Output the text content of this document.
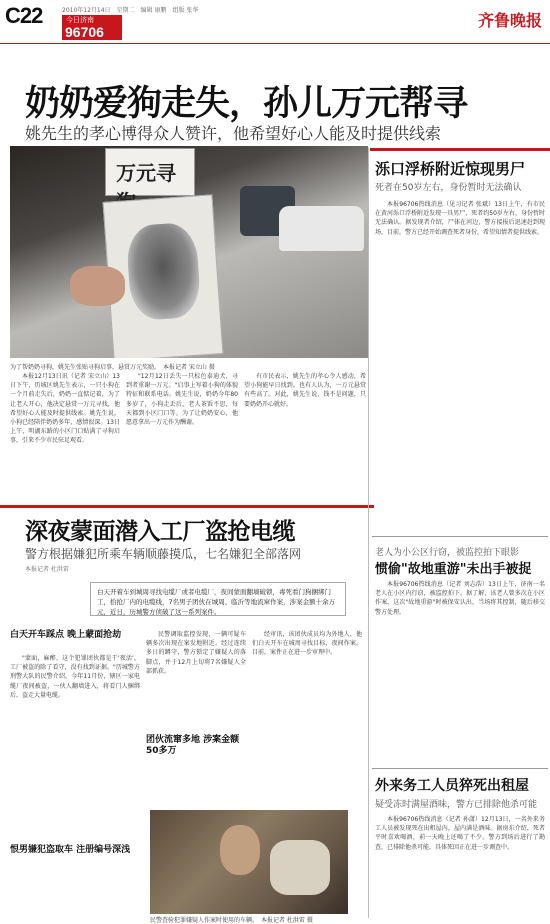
C22	2010年12月14日　星期二　编辑 康鹏　组版 张华
今日济南
96706
齐鲁晚报
奶奶爱狗走失，孙儿万元帮寻
姚先生的孝心博得众人赞许，他希望好心人能及时提供线索
万元寻
为了帮奶奶寻狗，姚先生张贴寻狗启事，悬赏万元奖励。　本报记者 宋立山 摄

本报12月13日讯（记者 宋立山）13日下午，历城区姚先生表示，一只小狗在一个月前走失后，奶奶一直惦记着，为了让老人开心，他决定悬赏一万元寻找，他希望好心人能及时提供线索。姚先生说，小狗已经陪伴奶奶多年，感情很深。13日上午，明湖东路的小区门口贴满了寻狗启事，引来不少市民驻足观看。

"12月12日丢失一只棕色泰迪犬，寻到者重谢一万元。"启事上写着小狗的体貌特征和联系电话。姚先生说，奶奶今年80多岁了，小狗走丢后，老人茶饭不思，每天都到小区门口等。为了让奶奶安心，他愿意拿出一万元作为酬谢。

有市民表示，姚先生的孝心令人感动，希望小狗能早日找到。也有人认为，一万元悬赏有些高了。对此，姚先生说，钱不是问题，只要奶奶开心就好。

深夜蒙面潜入工厂盗抢电缆
警方根据嫌犯所乘车辆顺藤摸瓜，七名嫌犯全部落网
本报记者 杜洪雷
白天开着车到城周寻找电缆厂或者电缆厂，夜间蒙面翻墙破锁，毒死看门狗捆绑门工，拾抢厂内的电缆线，7名男子团伙在城周、临沂等地流窜作案，涉案金额十余万元，近日，历城警方侦破了这一系列案件。
白天开车踩点 晚上蒙面抢劫

"蒙面，麻醉，这个犯罪团伙都是干'夜活'，工厂被盗的除了看守，没有找到证据。"历城警方刑警大队的民警介绍，今年11月份，辖区一家电缆厂夜间被盗，一伙人翻墙进入，将看门人捆绑后，盗走大量电缆。

恨男嫌犯盗取车 注册编号深浅

民警调取监控发现，一辆可疑车辆多次出现在案发地附近。经过连续多日的蹲守，警方锁定了嫌疑人的落脚点，并于12月上旬将7名嫌疑人全部抓获。

团伙流窜多地 涉案金额50多万

经审讯，该团伙成员均为外地人，他们白天开车在城周寻找目标，夜间作案。目前，案件正在进一步审理中。

民警查验犯罪嫌疑人作案时使用的车辆。　本报记者 杜洪雷 摄
泺口浮桥附近惊现男尸
死者在50岁左右，身份暂时无法确认

本报96706热线消息（见习记者 张斌）13日上午，有市民在黄河泺口浮桥附近发现一具男尸，死者约50岁左右，身份暂时无法确认。据发现者介绍，尸体在河边，警方接报后迅速赶到现场，目前，警方已经开始调查死者身份，希望知情者提供线索。

老人为小公区行窃，被监控拍下眼影
惯偷"故地重游"未出手被捉

本报96706热线消息（记者 刘志浩）13日上午，济南一名老人在小区内行窃，被监控拍下。据了解，该老人曾多次在小区作案，这次"故地重游"时被保安认出，当场将其控制，随后移交警方处理。

外来务工人员猝死出租屋
疑受冻时满屋酒味，警方已排除他杀可能

本报96706热线消息（记者 孙潇）12月13日，一名外来务工人员被发现死在出租屋内，屋内满是酒味。据房东介绍，死者平时喜欢喝酒，前一天晚上还喝了不少。警方到场后进行了勘查，已排除他杀可能，具体死因正在进一步调查中。
